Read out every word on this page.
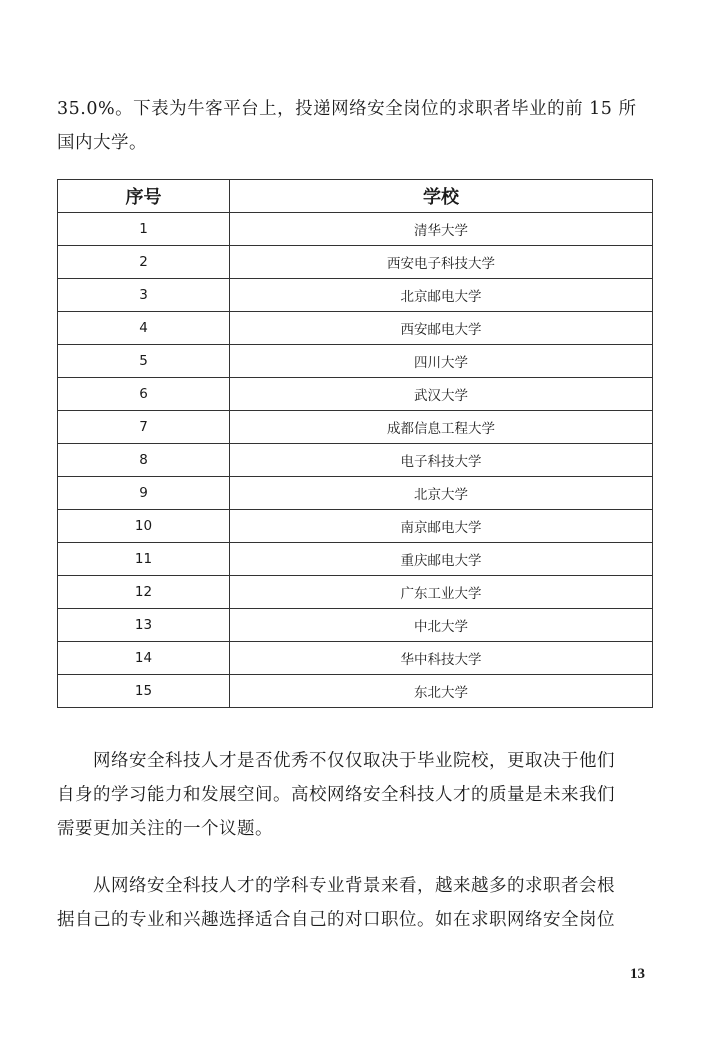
35.0%。下表为牛客平台上，投递网络安全岗位的求职者毕业的前 15 所
国内大学。

序号	学校
1	清华大学
2	西安电子科技大学
3	北京邮电大学
4	西安邮电大学
5	四川大学
6	武汉大学
7	成都信息工程大学
8	电子科技大学
9	北京大学
10	南京邮电大学
11	重庆邮电大学
12	广东工业大学
13	中北大学
14	华中科技大学
15	东北大学

网络安全科技人才是否优秀不仅仅取决于毕业院校，更取决于他们
自身的学习能力和发展空间。高校网络安全科技人才的质量是未来我们
需要更加关注的一个议题。

从网络安全科技人才的学科专业背景来看，越来越多的求职者会根
据自己的专业和兴趣选择适合自己的对口职位。如在求职网络安全岗位

13
